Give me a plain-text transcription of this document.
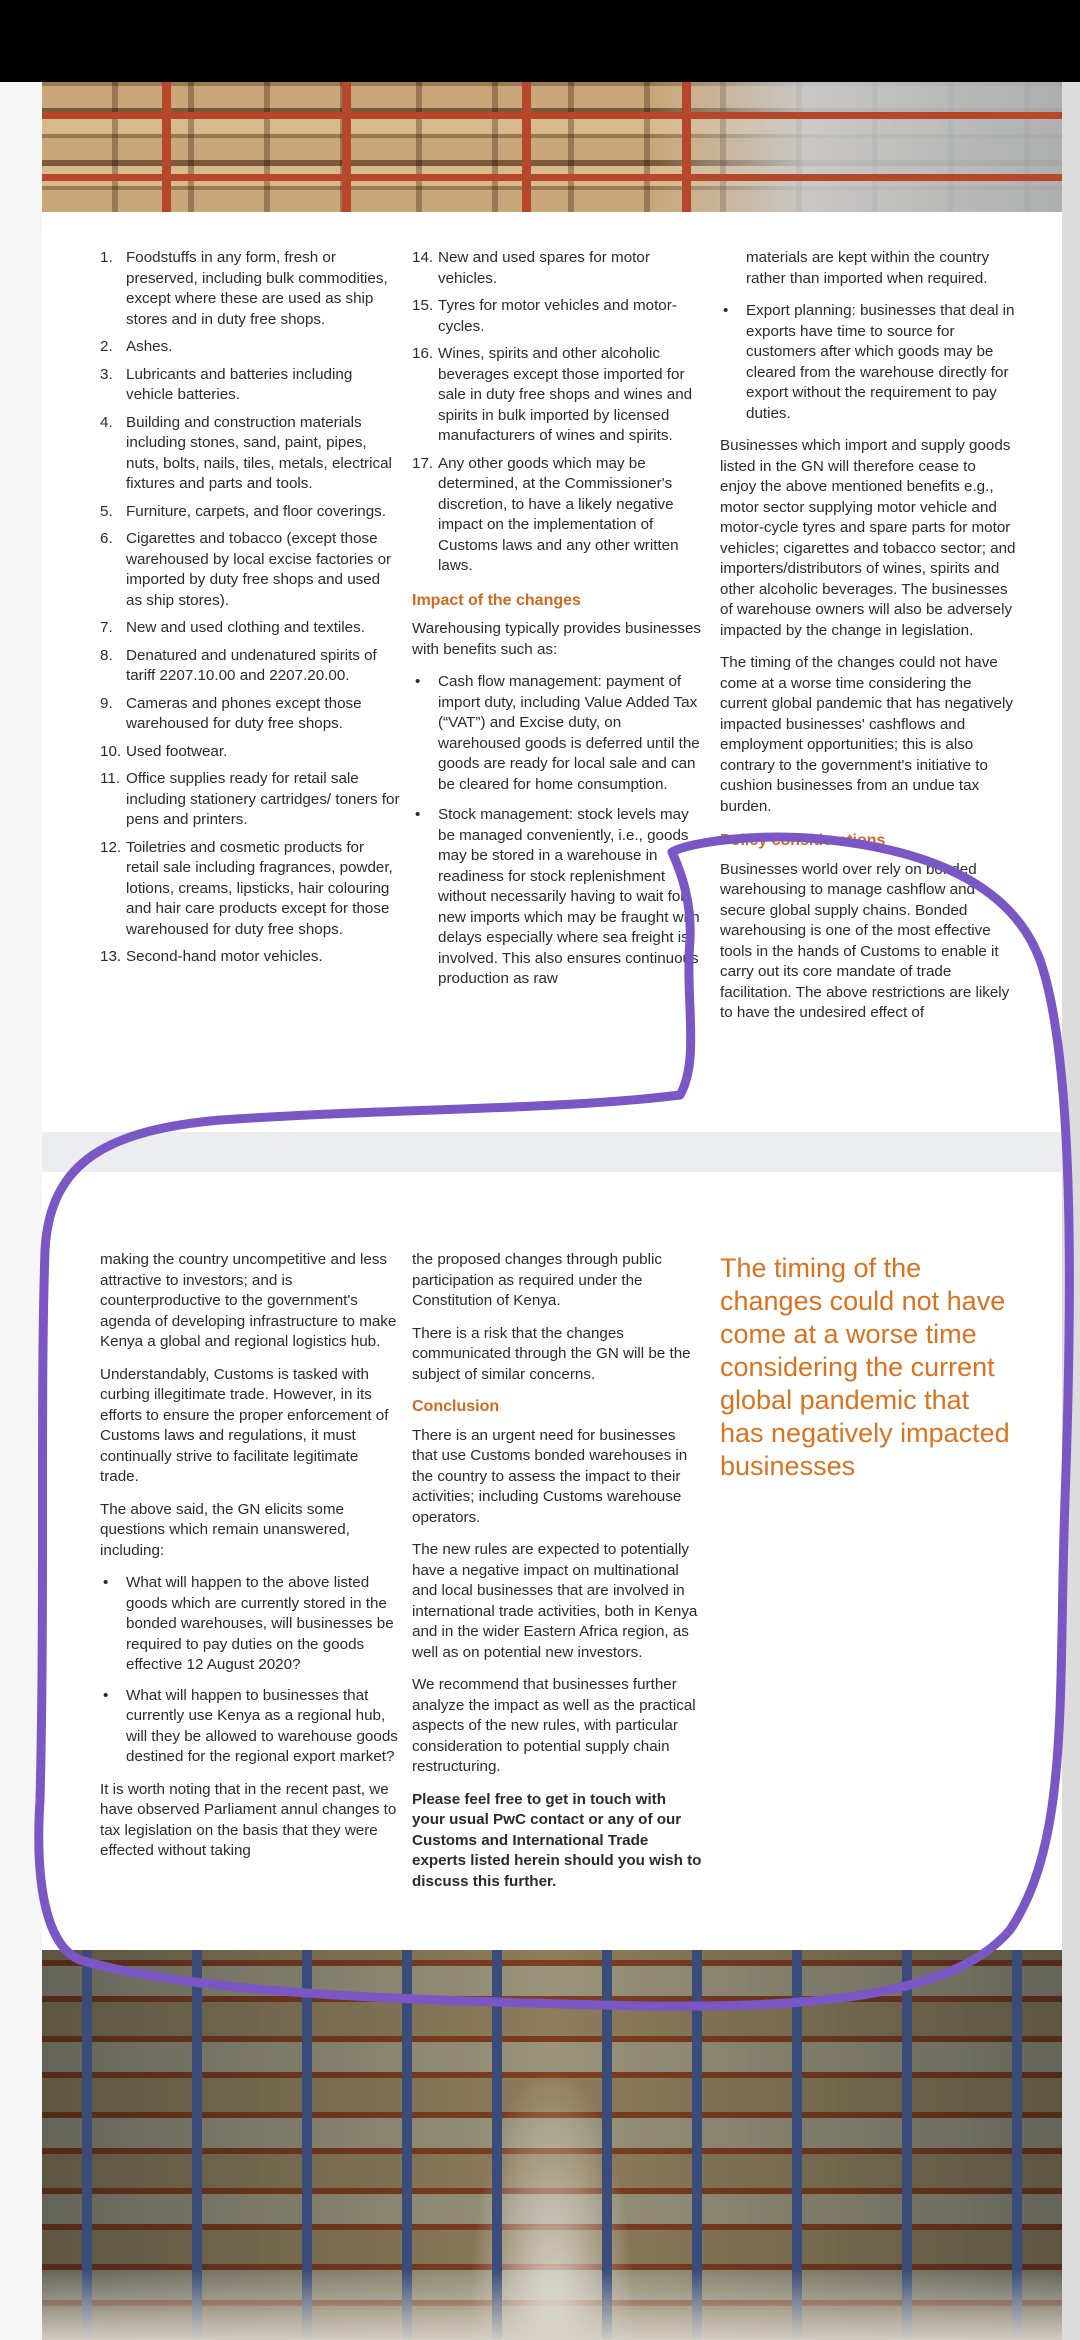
1. Foodstuffs in any form, fresh or preserved, including bulk commodities, except where these are used as ship stores and in duty free shops.
2. Ashes.
3. Lubricants and batteries including vehicle batteries.
4. Building and construction materials including stones, sand, paint, pipes, nuts, bolts, nails, tiles, metals, electrical fixtures and parts and tools.
5. Furniture, carpets, and floor coverings.
6. Cigarettes and tobacco (except those warehoused by local excise factories or imported by duty free shops and used as ship stores).
7. New and used clothing and textiles.
8. Denatured and undenatured spirits of tariff 2207.10.00 and 2207.20.00.
9. Cameras and phones except those warehoused for duty free shops.
10. Used footwear.
11. Office supplies ready for retail sale including stationery cartridges/ toners for pens and printers.
12. Toiletries and cosmetic products for retail sale including fragrances, powder, lotions, creams, lipsticks, hair colouring and hair care products except for those warehoused for duty free shops.
13. Second-hand motor vehicles.
14. New and used spares for motor vehicles.
15. Tyres for motor vehicles and motor-cycles.
16. Wines, spirits and other alcoholic beverages except those imported for sale in duty free shops and wines and spirits in bulk imported by licensed manufacturers of wines and spirits.
17. Any other goods which may be determined, at the Commissioner's discretion, to have a likely negative impact on the implementation of Customs laws and any other written laws.
Impact of the changes

Warehousing typically provides businesses with benefits such as:

• Cash flow management: payment of import duty, including Value Added Tax (“VAT”) and Excise duty, on warehoused goods is deferred until the goods are ready for local sale and can be cleared for home consumption.
• Stock management: stock levels may be managed conveniently, i.e., goods may be stored in a warehouse in readiness for stock replenishment without necessarily having to wait for new imports which may be fraught with delays especially where sea freight is involved. This also ensures continuous production as raw

materials are kept within the country rather than imported when required.

• Export planning: businesses that deal in exports have time to source for customers after which goods may be cleared from the warehouse directly for export without the requirement to pay duties.

Businesses which import and supply goods listed in the GN will therefore cease to enjoy the above mentioned benefits e.g., motor sector supplying motor vehicle and motor-cycle tyres and spare parts for motor vehicles; cigarettes and tobacco sector; and importers/distributors of wines, spirits and other alcoholic beverages. The businesses of warehouse owners will also be adversely impacted by the change in legislation.

The timing of the changes could not have come at a worse time considering the current global pandemic that has negatively impacted businesses' cashflows and employment opportunities; this is also contrary to the government's initiative to cushion businesses from an undue tax burden.

Policy considerations

Businesses world over rely on bonded warehousing to manage cashflow and secure global supply chains. Bonded warehousing is one of the most effective tools in the hands of Customs to enable it carry out its core mandate of trade facilitation. The above restrictions are likely to have the undesired effect of

making the country uncompetitive and less attractive to investors; and is counterproductive to the government's agenda of developing infrastructure to make Kenya a global and regional logistics hub.

Understandably, Customs is tasked with curbing illegitimate trade. However, in its efforts to ensure the proper enforcement of Customs laws and regulations, it must continually strive to facilitate legitimate trade.

The above said, the GN elicits some questions which remain unanswered, including:

• What will happen to the above listed goods which are currently stored in the bonded warehouses, will businesses be required to pay duties on the goods effective 12 August 2020?
• What will happen to businesses that currently use Kenya as a regional hub, will they be allowed to warehouse goods destined for the regional export market?

It is worth noting that in the recent past, we have observed Parliament annul changes to tax legislation on the basis that they were effected without taking

the proposed changes through public participation as required under the Constitution of Kenya.

There is a risk that the changes communicated through the GN will be the subject of similar concerns.

Conclusion

There is an urgent need for businesses that use Customs bonded warehouses in the country to assess the impact to their activities; including Customs warehouse operators.

The new rules are expected to potentially have a negative impact on multinational and local businesses that are involved in international trade activities, both in Kenya and in the wider Eastern Africa region, as well as on potential new investors.

We recommend that businesses further analyze the impact as well as the practical aspects of the new rules, with particular consideration to potential supply chain restructuring.

Please feel free to get in touch with your usual PwC contact or any of our Customs and International Trade experts listed herein should you wish to discuss this further.

The timing of the changes could not have come at a worse time considering the current global pandemic that has negatively impacted businesses
